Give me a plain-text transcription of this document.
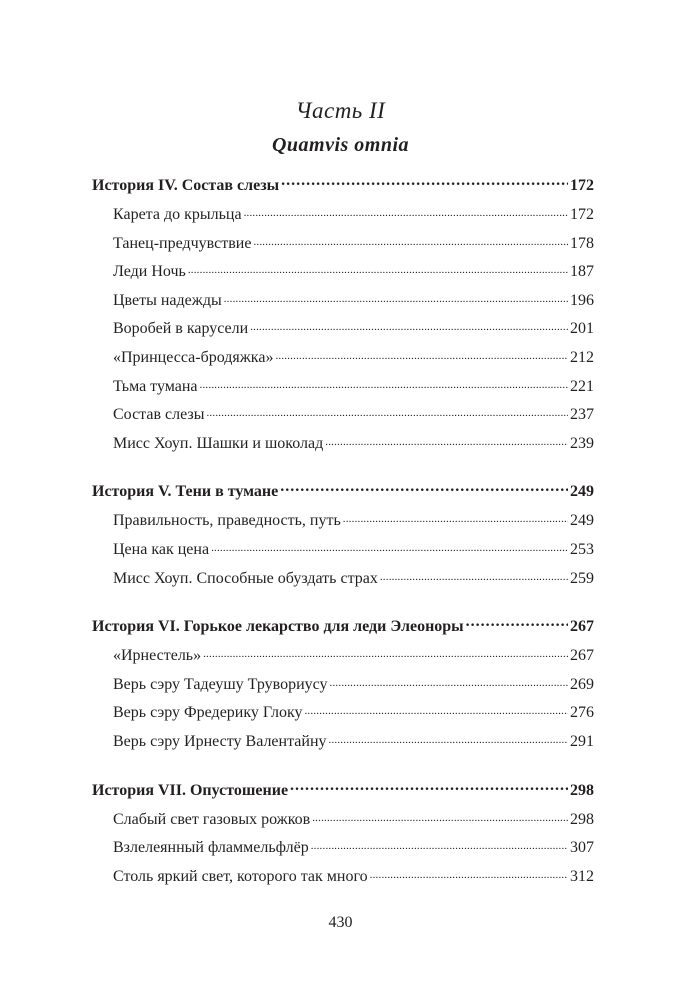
Часть II
Quamvis omnia
История IV. Состав слезы .....	172
Карета до крыльца .....	172
Танец-предчувствие .....	178
Леди Ночь .....	187
Цветы надежды .....	196
Воробей в карусели .....	201
«Принцесса-бродяжка» .....	212
Тьма тумана .....	221
Состав слезы .....	237
Мисс Хоуп. Шашки и шоколад .....	239
История V. Тени в тумане .....	249
Правильность, праведность, путь .....	249
Цена как цена .....	253
Мисс Хоуп. Способные обуздать страх .....	259
История VI. Горькое лекарство для леди Элеоноры .....	267
«Ирнестель» .....	267
Верь сэру Тадеушу Трувориусу .....	269
Верь сэру Фредерику Глоку .....	276
Верь сэру Ирнесту Валентайну .....	291
История VII. Опустошение .....	298
Слабый свет газовых рожков .....	298
Взлелеянный фламмельфлёр .....	307
Столь яркий свет, которого так много .....	312
430
